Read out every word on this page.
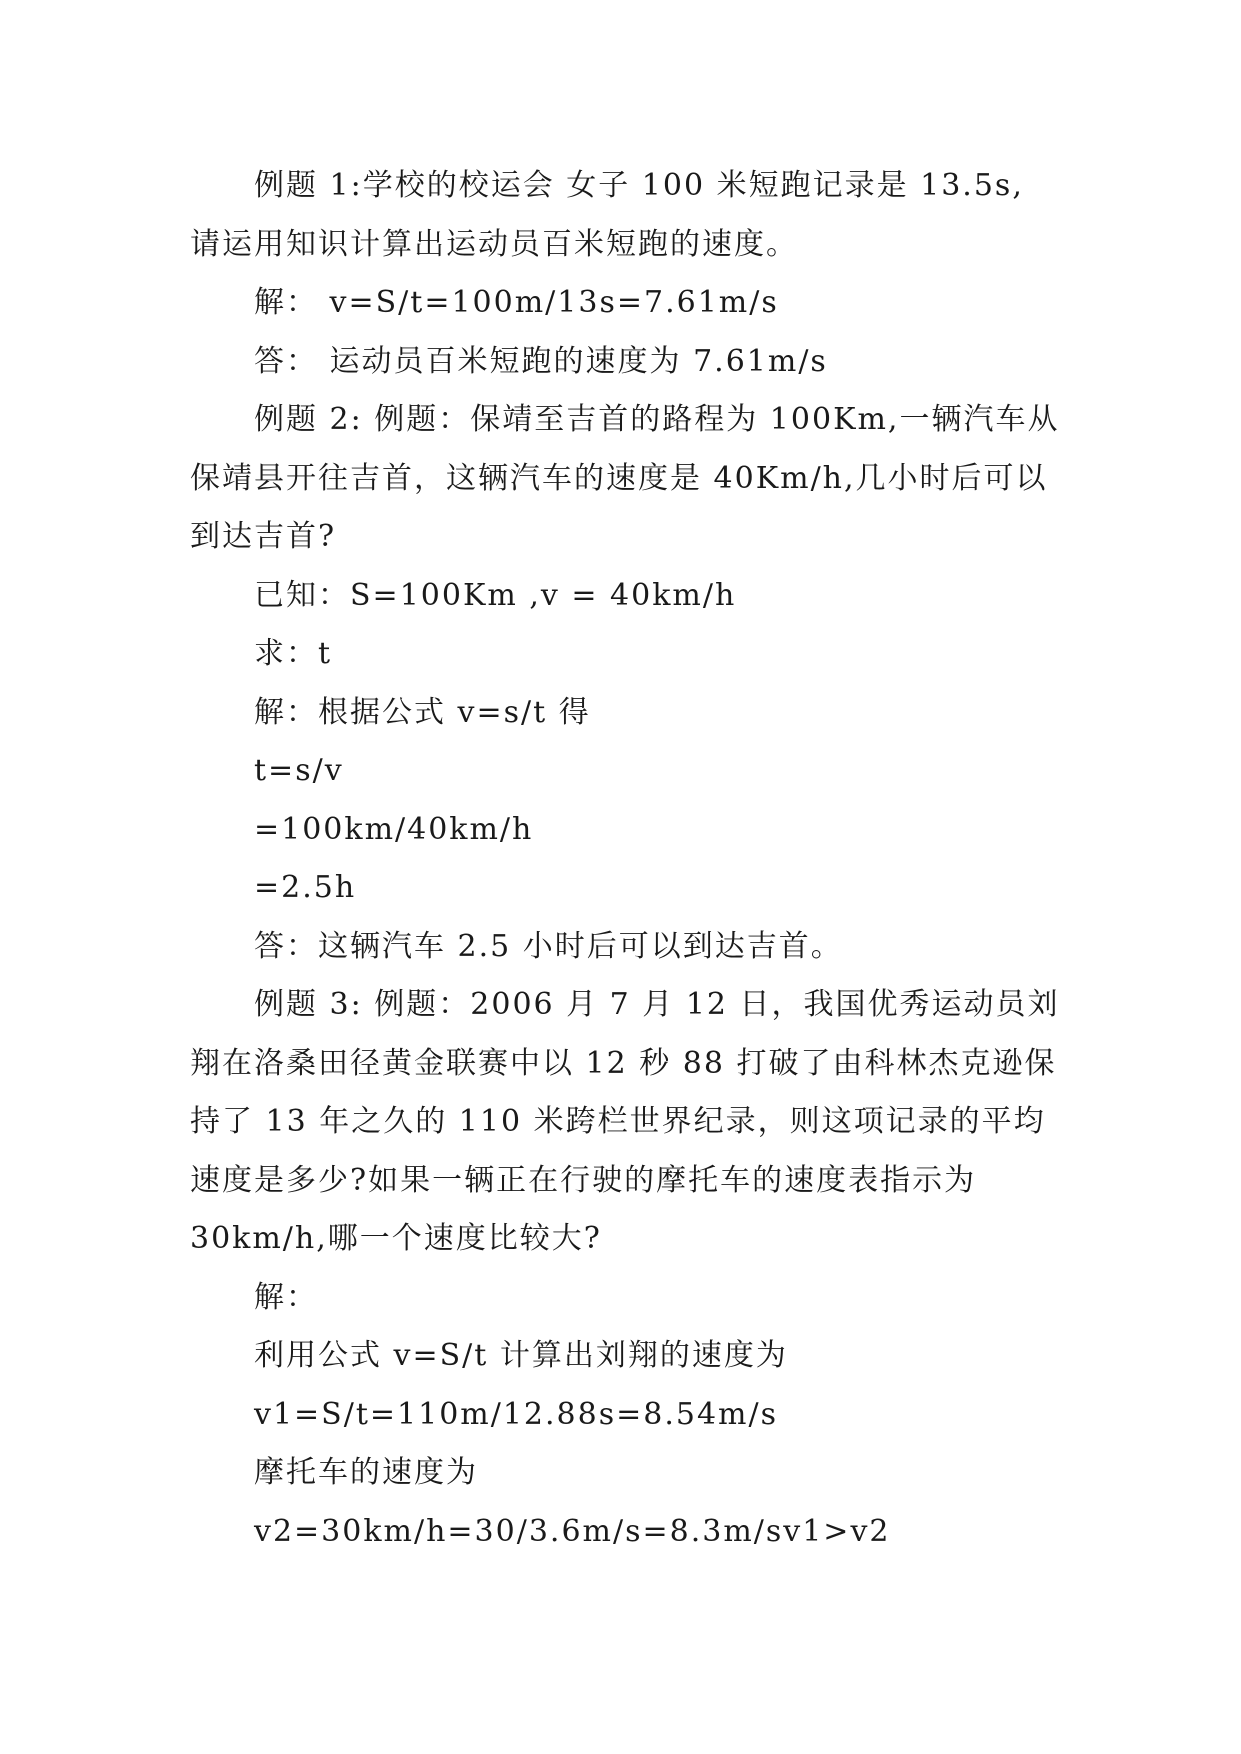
例题 1:学校的校运会 女子 100 米短跑记录是 13.5s,
请运用知识计算出运动员百米短跑的速度。
解： v=S/t=100m/13s=7.61m/s
答： 运动员百米短跑的速度为 7.61m/s
例题 2: 例题：保靖至吉首的路程为 100Km,一辆汽车从
保靖县开往吉首，这辆汽车的速度是 40Km/h,几小时后可以
到达吉首?
已知：S=100Km ,v = 40km/h
求：t
解：根据公式 v=s/t 得
t=s/v
=100km/40km/h
=2.5h
答：这辆汽车 2.5 小时后可以到达吉首。
例题 3: 例题：2006 月 7 月 12 日，我国优秀运动员刘
翔在洛桑田径黄金联赛中以 12 秒 88 打破了由科林杰克逊保
持了 13 年之久的 110 米跨栏世界纪录，则这项记录的平均
速度是多少?如果一辆正在行驶的摩托车的速度表指示为
30km/h,哪一个速度比较大?
解：
利用公式 v=S/t 计算出刘翔的速度为
v1=S/t=110m/12.88s=8.54m/s
摩托车的速度为
v2=30km/h=30/3.6m/s=8.3m/sv1>v2
